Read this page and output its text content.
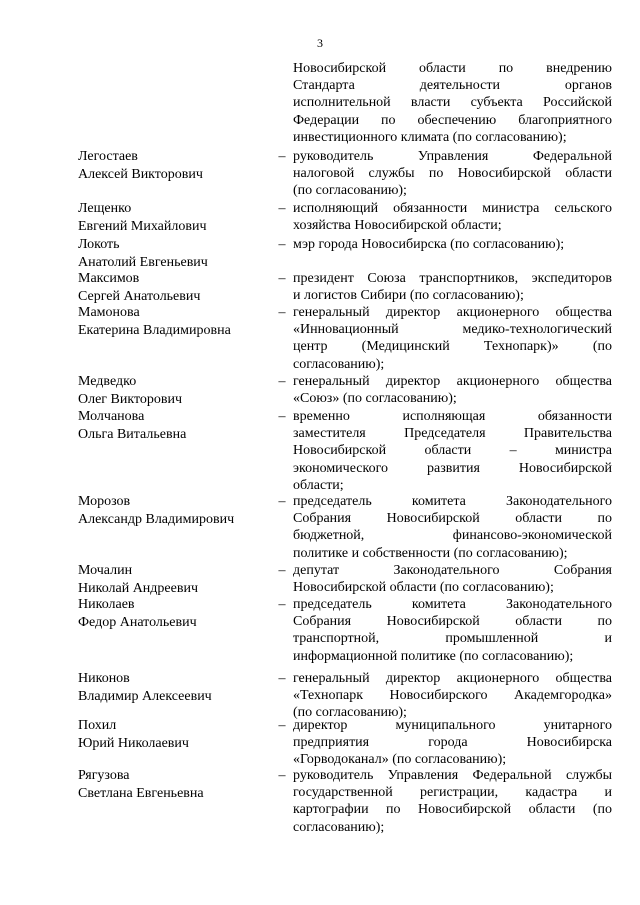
3
Новосибирской области по внедрению
Стандарта деятельности органов
исполнительной власти субъекта Российской
Федерации по обеспечению благоприятного
инвестиционного климата (по согласованию);
Легостаев
Алексей Викторович
– руководитель Управления Федеральной
налоговой службы по Новосибирской области
(по согласованию);
Лещенко
Евгений Михайлович
– исполняющий обязанности министра сельского
хозяйства Новосибирской области;
Локоть
Анатолий Евгеньевич
– мэр города Новосибирска (по согласованию);
Максимов
Сергей Анатольевич
– президент Союза транспортников, экспедиторов
и логистов Сибири (по согласованию);
Мамонова
Екатерина Владимировна
– генеральный директор акционерного общества
«Инновационный медико-технологический
центр (Медицинский Технопарк)» (по
согласованию);
Медведко
Олег Викторович
– генеральный директор акционерного общества
«Союз» (по согласованию);
Молчанова
Ольга Витальевна
– временно исполняющая обязанности
заместителя Председателя Правительства
Новосибирской области – министра
экономического развития Новосибирской
области;
Морозов
Александр Владимирович
– председатель комитета Законодательного
Собрания Новосибирской области по
бюджетной, финансово-экономической
политике и собственности (по согласованию);
Мочалин
Николай Андреевич
– депутат Законодательного Собрания
Новосибирской области (по согласованию);
Николаев
Федор Анатольевич
– председатель комитета Законодательного
Собрания Новосибирской области по
транспортной, промышленной и
информационной политике (по согласованию);
Никонов
Владимир Алексеевич
– генеральный директор акционерного общества
«Технопарк Новосибирского Академгородка»
(по согласованию);
Похил
Юрий Николаевич
– директор муниципального унитарного
предприятия города Новосибирска
«Горводоканал» (по согласованию);
Рягузова
Светлана Евгеньевна
– руководитель Управления Федеральной службы
государственной регистрации, кадастра и
картографии по Новосибирской области (по
согласованию);
